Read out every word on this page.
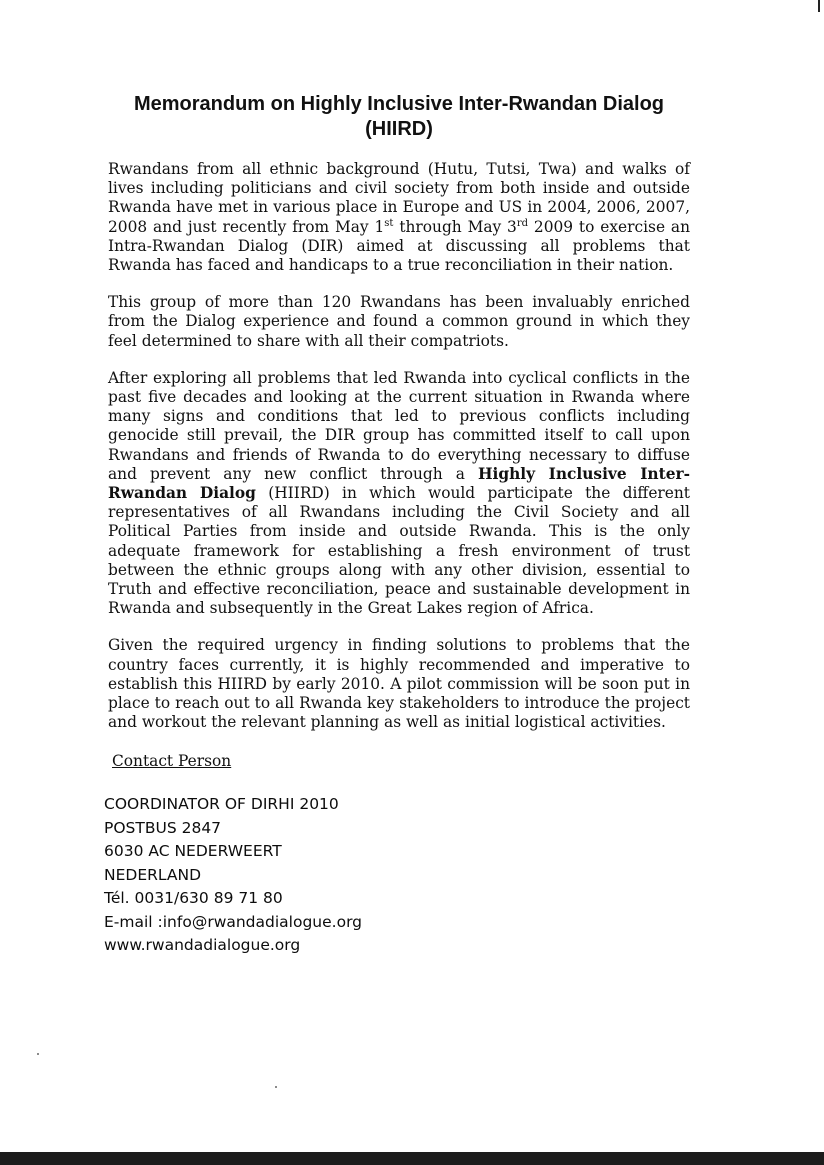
Memorandum on Highly Inclusive Inter-Rwandan Dialog (HIIRD)

Rwandans from all ethnic background (Hutu, Tutsi, Twa) and walks of lives including politicians and civil society from both inside and outside Rwanda have met in various place in Europe and US in 2004, 2006, 2007, 2008 and just recently from May 1st through May 3rd 2009 to exercise an Intra-Rwandan Dialog (DIR) aimed at discussing all problems that Rwanda has faced and handicaps to a true reconciliation in their nation.

This group of more than 120 Rwandans has been invaluably enriched from the Dialog experience and found a common ground in which they feel determined to share with all their compatriots.

After exploring all problems that led Rwanda into cyclical conflicts in the past five decades and looking at the current situation in Rwanda where many signs and conditions that led to previous conflicts including genocide still prevail, the DIR group has committed itself to call upon Rwandans and friends of Rwanda to do everything necessary to diffuse and prevent any new conflict through a Highly Inclusive Inter-Rwandan Dialog (HIIRD) in which would participate the different representatives of all Rwandans including the Civil Society and all Political Parties from inside and outside Rwanda. This is the only adequate framework for establishing a fresh environment of trust between the ethnic groups along with any other division, essential to Truth and effective reconciliation, peace and sustainable development in Rwanda and subsequently in the Great Lakes region of Africa.

Given the required urgency in finding solutions to problems that the country faces currently, it is highly recommended and imperative to establish this HIIRD by early 2010. A pilot commission will be soon put in place to reach out to all Rwanda key stakeholders to introduce the project and workout the relevant planning as well as initial logistical activities.

Contact Person
COORDINATOR OF DIRHI 2010
POSTBUS 2847
6030 AC NEDERWEERT
NEDERLAND
Tél. 0031/630 89 71 80
E-mail :info@rwandadialogue.org
www.rwandadialogue.org
